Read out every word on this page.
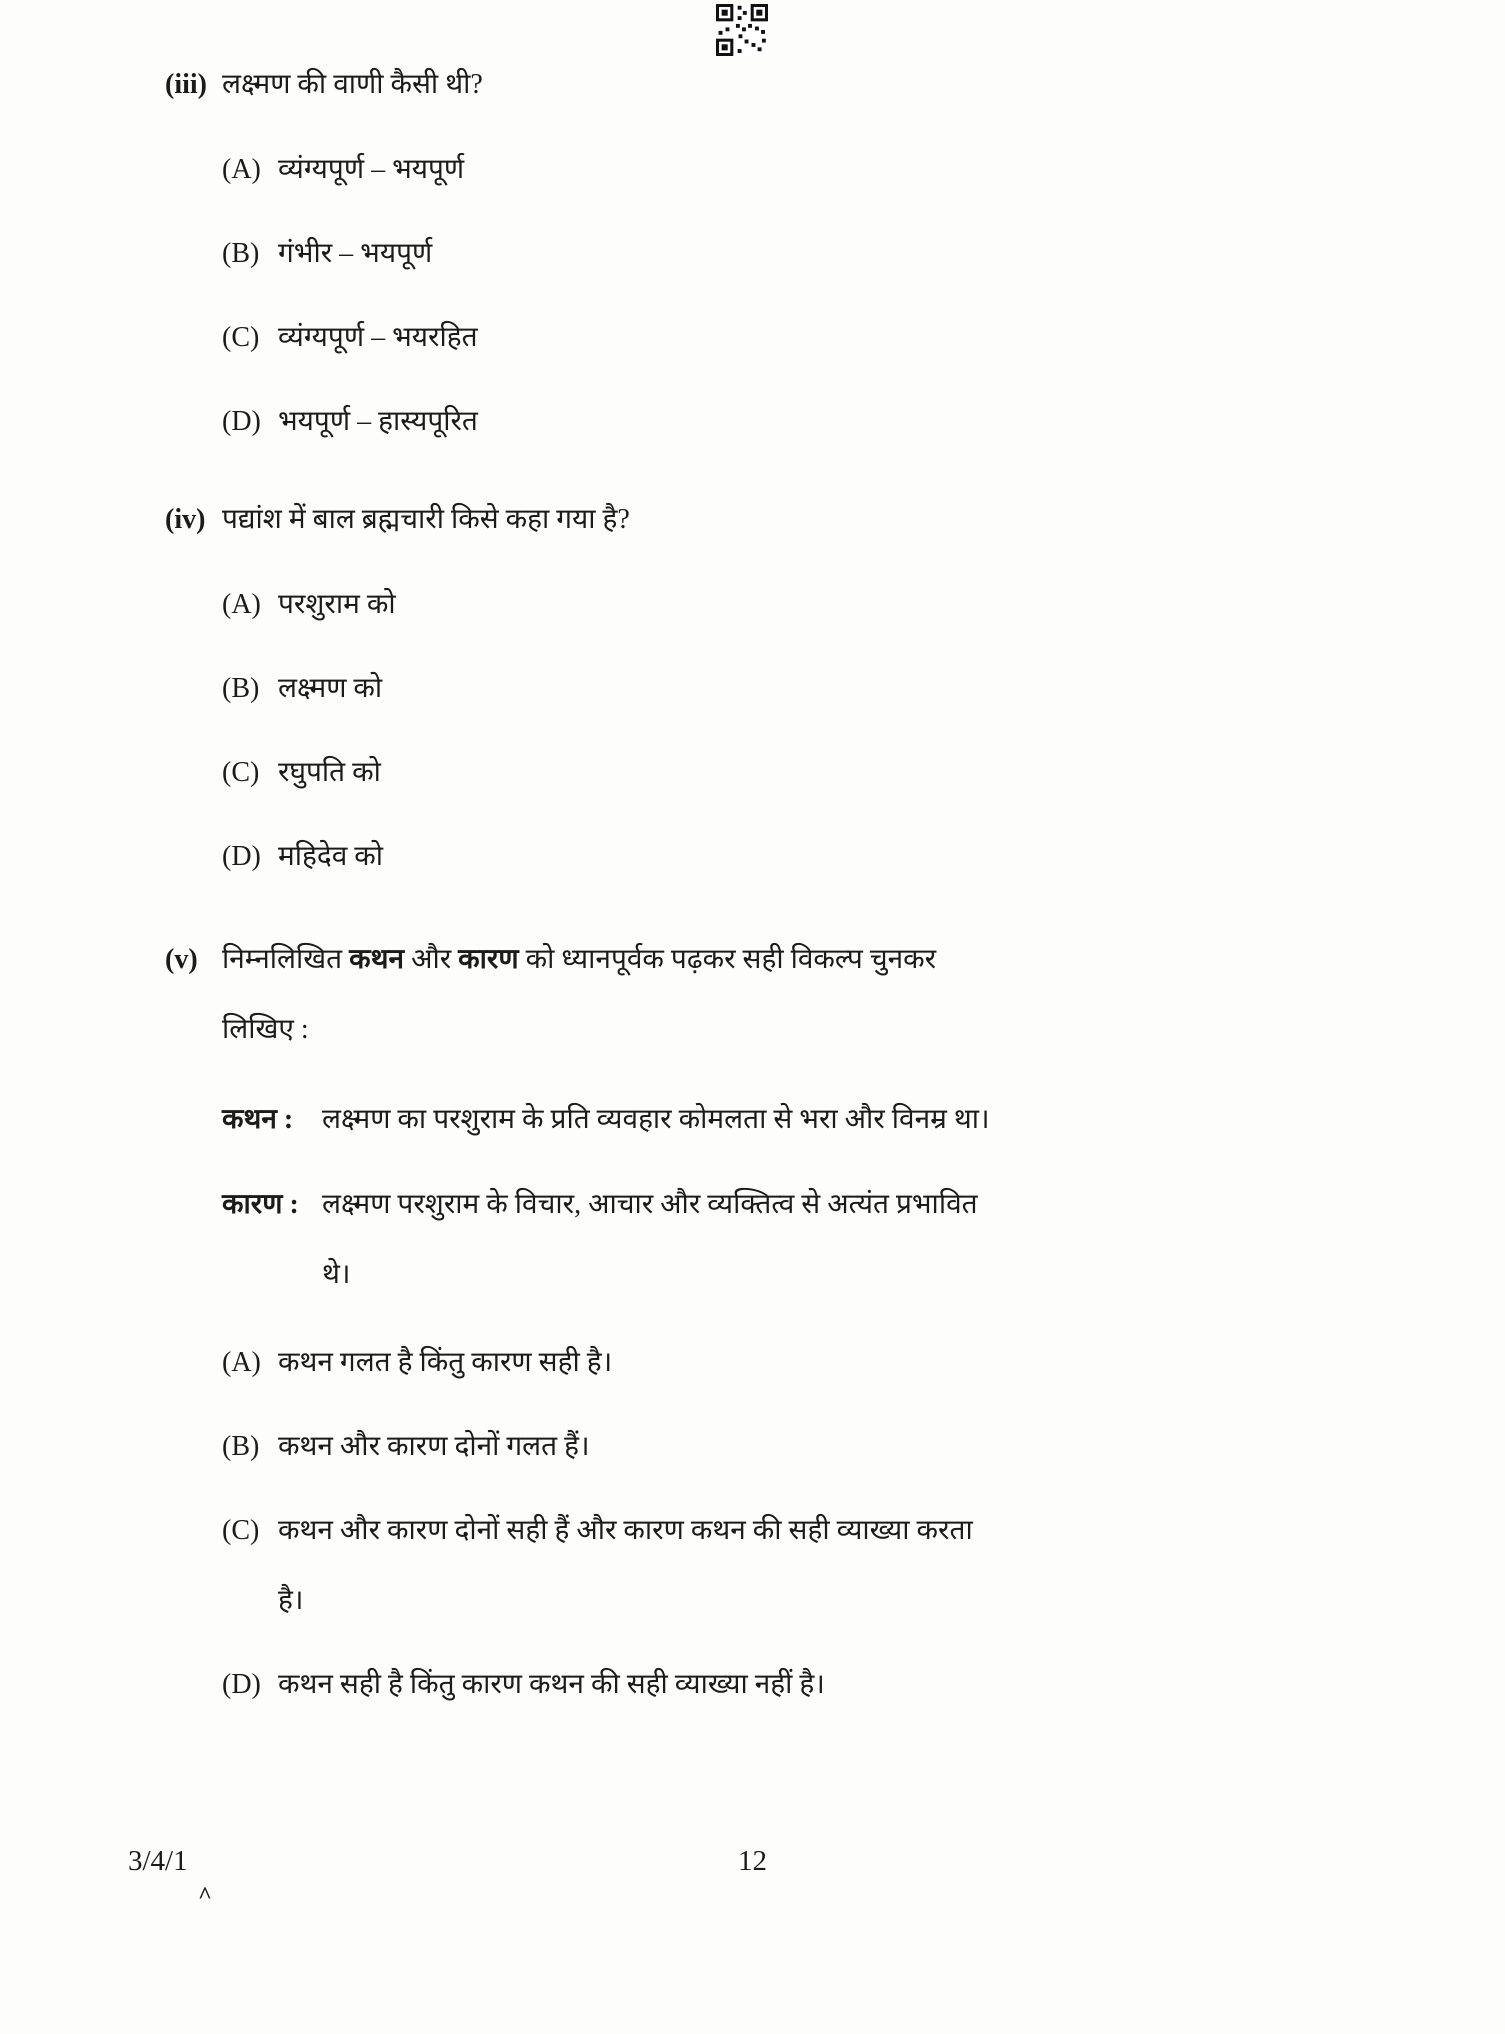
(iii) लक्ष्मण की वाणी कैसी थी?
(A) व्यंग्यपूर्ण – भयपूर्ण
(B) गंभीर – भयपूर्ण
(C) व्यंग्यपूर्ण – भयरहित
(D) भयपूर्ण – हास्यपूरित
(iv) पद्यांश में बाल ब्रह्मचारी किसे कहा गया है?
(A) परशुराम को
(B) लक्ष्मण को
(C) रघुपति को
(D) महिदेव को
(v) निम्नलिखित कथन और कारण को ध्यानपूर्वक पढ़कर सही विकल्प चुनकर
लिखिए :
कथन :	लक्ष्मण का परशुराम के प्रति व्यवहार कोमलता से भरा और विनम्र था।
कारण : लक्ष्मण परशुराम के विचार, आचार और व्यक्तित्व से अत्यंत प्रभावित
थे।
(A) कथन गलत है किंतु कारण सही है।
(B) कथन और कारण दोनों गलत हैं।
(C) कथन और कारण दोनों सही हैं और कारण कथन की सही व्याख्या करता
है।
(D) कथन सही है किंतु कारण कथन की सही व्याख्या नहीं है।
3/4/1
^
12
